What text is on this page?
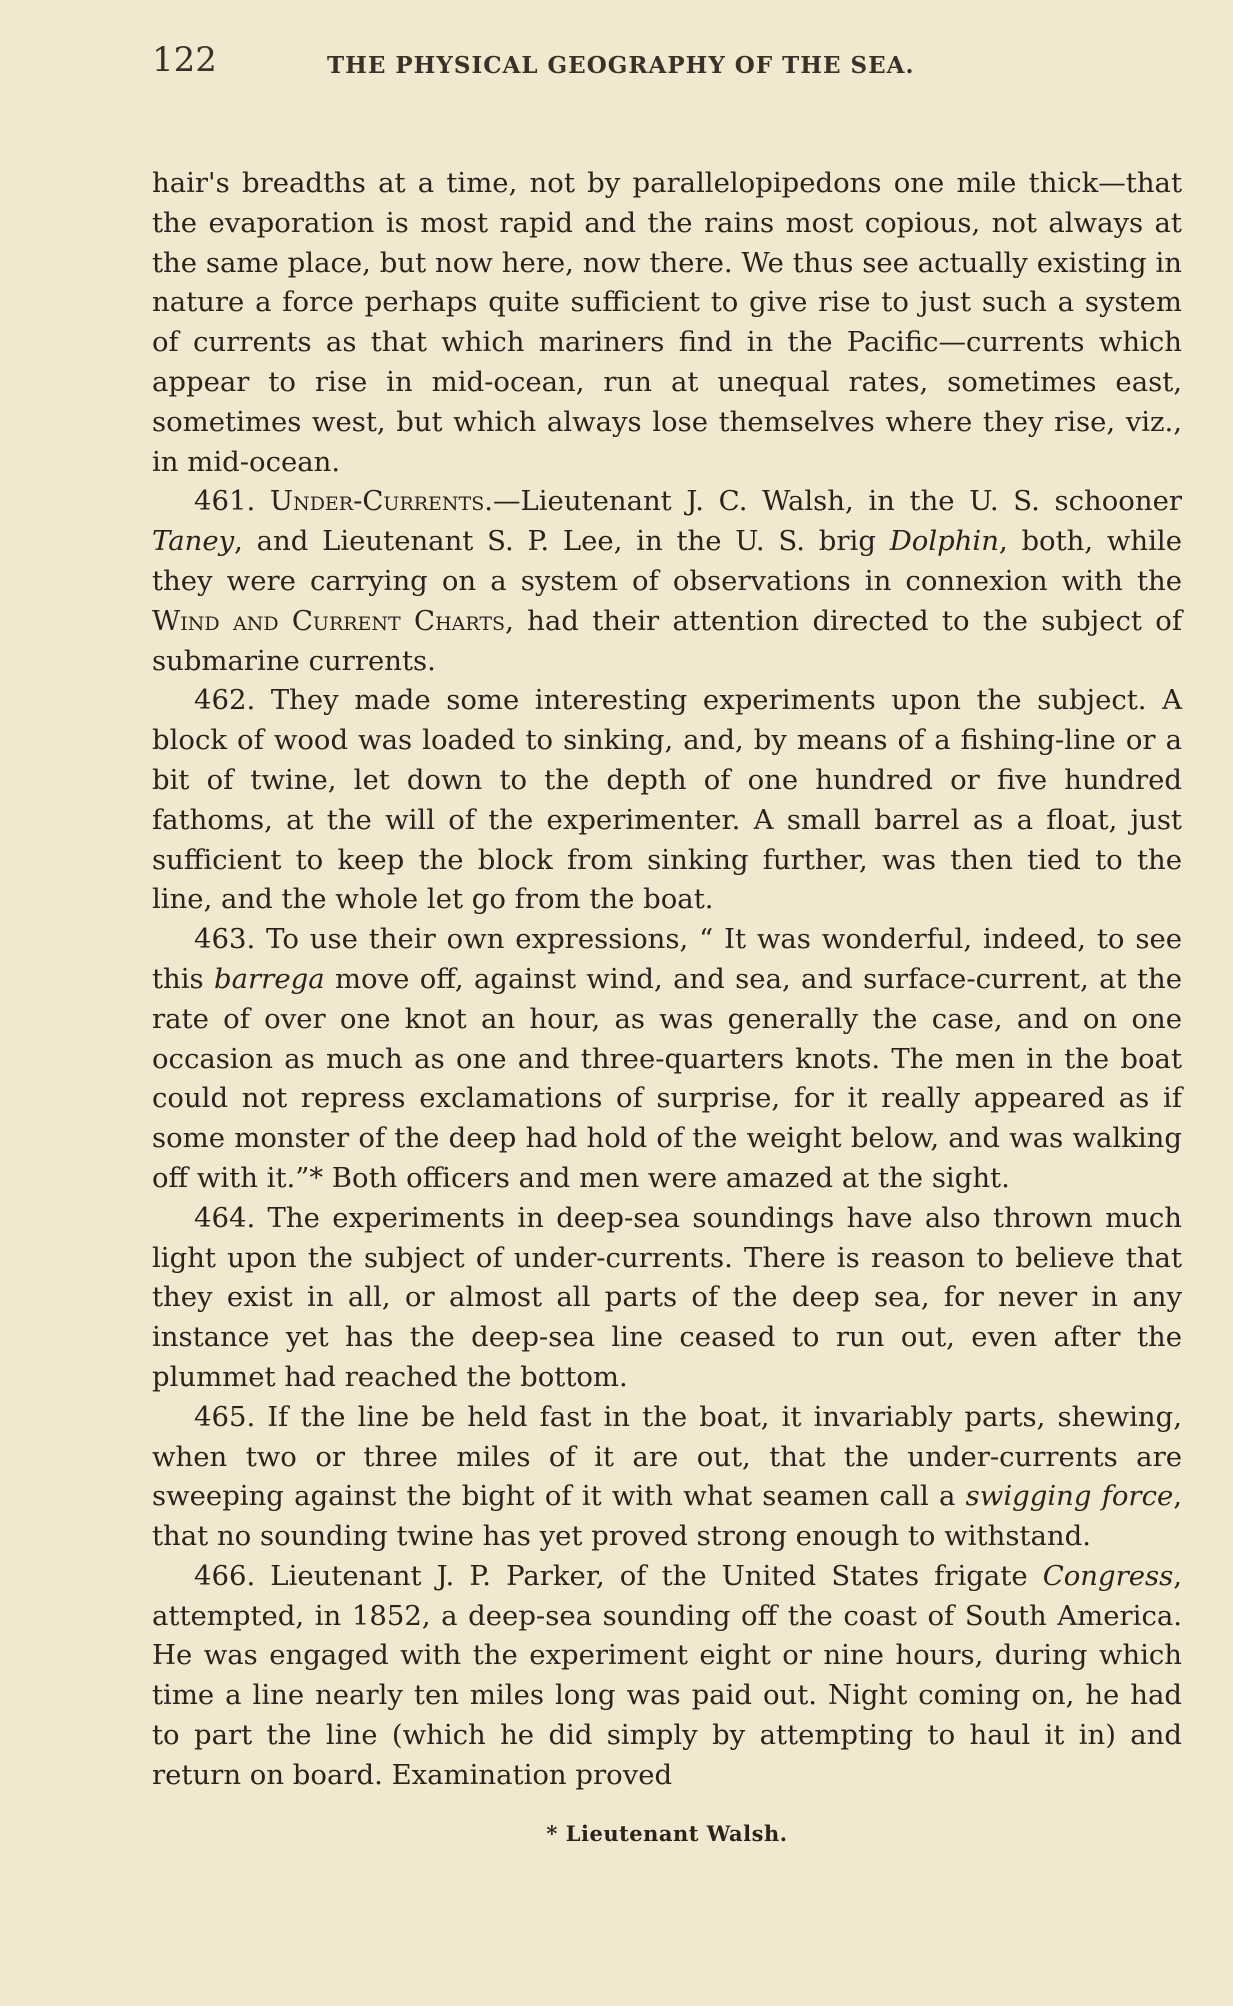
122	THE PHYSICAL GEOGRAPHY OF THE SEA.

hair's breadths at a time, not by parallelopipedons one mile thick—that the evaporation is most rapid and the rains most copious, not always at the same place, but now here, now there. We thus see actually existing in nature a force perhaps quite sufficient to give rise to just such a system of currents as that which mariners find in the Pacific—currents which appear to rise in mid-ocean, run at unequal rates, sometimes east, sometimes west, but which always lose themselves where they rise, viz., in mid-ocean.

461. Under-Currents.—Lieutenant J. C. Walsh, in the U. S. schooner Taney, and Lieutenant S. P. Lee, in the U. S. brig Dolphin, both, while they were carrying on a system of observations in connexion with the Wind and Current Charts, had their attention directed to the subject of submarine currents.

462. They made some interesting experiments upon the subject. A block of wood was loaded to sinking, and, by means of a fishing-line or a bit of twine, let down to the depth of one hundred or five hundred fathoms, at the will of the experimenter. A small barrel as a float, just sufficient to keep the block from sinking further, was then tied to the line, and the whole let go from the boat.

463. To use their own expressions, “ It was wonderful, indeed, to see this barrega move off, against wind, and sea, and surface-current, at the rate of over one knot an hour, as was generally the case, and on one occasion as much as one and three-quarters knots. The men in the boat could not repress exclamations of surprise, for it really appeared as if some monster of the deep had hold of the weight below, and was walking off with it.”* Both officers and men were amazed at the sight.

464. The experiments in deep-sea soundings have also thrown much light upon the subject of under-currents. There is reason to believe that they exist in all, or almost all parts of the deep sea, for never in any instance yet has the deep-sea line ceased to run out, even after the plummet had reached the bottom.

465. If the line be held fast in the boat, it invariably parts, shewing, when two or three miles of it are out, that the under-currents are sweeping against the bight of it with what seamen call a swigging force, that no sounding twine has yet proved strong enough to withstand.

466. Lieutenant J. P. Parker, of the United States frigate Congress, attempted, in 1852, a deep-sea sounding off the coast of South America. He was engaged with the experiment eight or nine hours, during which time a line nearly ten miles long was paid out. Night coming on, he had to part the line (which he did simply by attempting to haul it in) and return on board. Examination proved

* Lieutenant Walsh.
